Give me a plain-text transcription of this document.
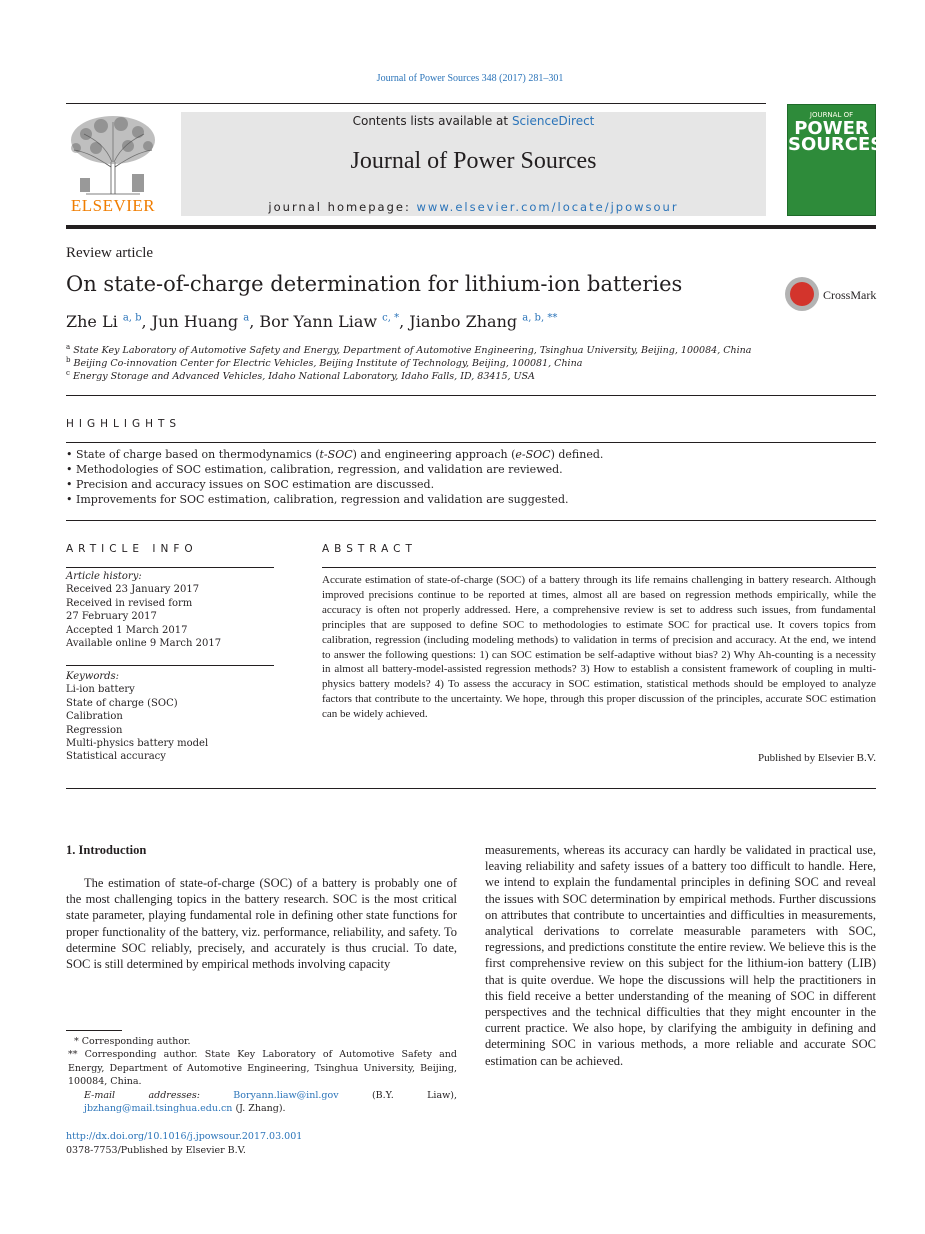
Journal of Power Sources 348 (2017) 281–301
ELSEVIER
Contents lists available at ScienceDirect
Journal of Power Sources
journal homepage: www.elsevier.com/locate/jpowsour
JOURNAL OF
POWER
SOURCES
Review article
On state-of-charge determination for lithium-ion batteries	CrossMark
Zhe Li $^{a, b}$, Jun Huang $^a$, Bor Yann Liaw $^{c, *}$, Jianbo Zhang $^{a, b, **}$
$^a$ State Key Laboratory of Automotive Safety and Energy, Department of Automotive Engineering, Tsinghua University, Beijing, 100084, China
$^b$ Beijing Co-innovation Center for Electric Vehicles, Beijing Institute of Technology, Beijing, 100081, China
$^c$ Energy Storage and Advanced Vehicles, Idaho National Laboratory, Idaho Falls, ID, 83415, USA
HIGHLIGHTS
• State of charge based on thermodynamics (t-SOC) and engineering approach (e-SOC) defined.
• Methodologies of SOC estimation, calibration, regression, and validation are reviewed.
• Precision and accuracy issues on SOC estimation are discussed.
• Improvements for SOC estimation, calibration, regression and validation are suggested.
ARTICLE INFO
Article history:
Received 23 January 2017
Received in revised form
27 February 2017
Accepted 1 March 2017
Available online 9 March 2017
Keywords:
Li-ion battery
State of charge (SOC)
Calibration
Regression
Multi-physics battery model
Statistical accuracy
ABSTRACT
Accurate estimation of state-of-charge (SOC) of a battery through its life remains challenging in battery research. Although improved precisions continue to be reported at times, almost all are based on regression methods empirically, while the accuracy is often not properly addressed. Here, a comprehensive review is set to address such issues, from fundamental principles that are supposed to define SOC to methodologies to estimate SOC for practical use. It covers topics from calibration, regression (including modeling methods) to validation in terms of precision and accuracy. At the end, we intend to answer the following questions: 1) can SOC estimation be self-adaptive without bias? 2) Why Ah-counting is a necessity in almost all battery-model-assisted regression methods? 3) How to establish a consistent framework of coupling in multi-physics battery models? 4) To assess the accuracy in SOC estimation, statistical methods should be employed to analyze factors that contribute to the uncertainty. We hope, through this proper discussion of the principles, accurate SOC estimation can be widely achieved.
Published by Elsevier B.V.
1. Introduction
The estimation of state-of-charge (SOC) of a battery is probably one of the most challenging topics in the battery research. SOC is the most critical state parameter, playing fundamental role in defining other state functions for proper functionality of the battery, viz. performance, reliability, and safety. To determine SOC reliably, precisely, and accurately is thus crucial. To date, SOC is still determined by empirical methods involving capacity
measurements, whereas its accuracy can hardly be validated in practical use, leaving reliability and safety issues of a battery too difficult to handle. Here, we intend to explain the fundamental principles in defining SOC and reveal the issues with SOC determination by empirical methods. Further discussions on attributes that contribute to uncertainties and difficulties in measurements, analytical derivations to correlate measurable parameters with SOC, regressions, and predictions constitute the entire review. We believe this is the first comprehensive review on this subject for the lithium-ion battery (LIB) that is quite overdue. We hope the discussions will help the practitioners in this field receive a better understanding of the meaning of SOC in different perspectives and the technical difficulties that they might encounter in the current practice. We also hope, by clarifying the ambiguity in defining and determining SOC in various methods, a more reliable and accurate SOC estimation can be achieved.
* Corresponding author.
** Corresponding author. State Key Laboratory of Automotive Safety and Energy, Department of Automotive Engineering, Tsinghua University, Beijing, 100084, China.
E-mail addresses: Boryann.liaw@inl.gov (B.Y. Liaw), jbzhang@mail.tsinghua.edu.cn (J. Zhang).
http://dx.doi.org/10.1016/j.jpowsour.2017.03.001
0378-7753/Published by Elsevier B.V.
